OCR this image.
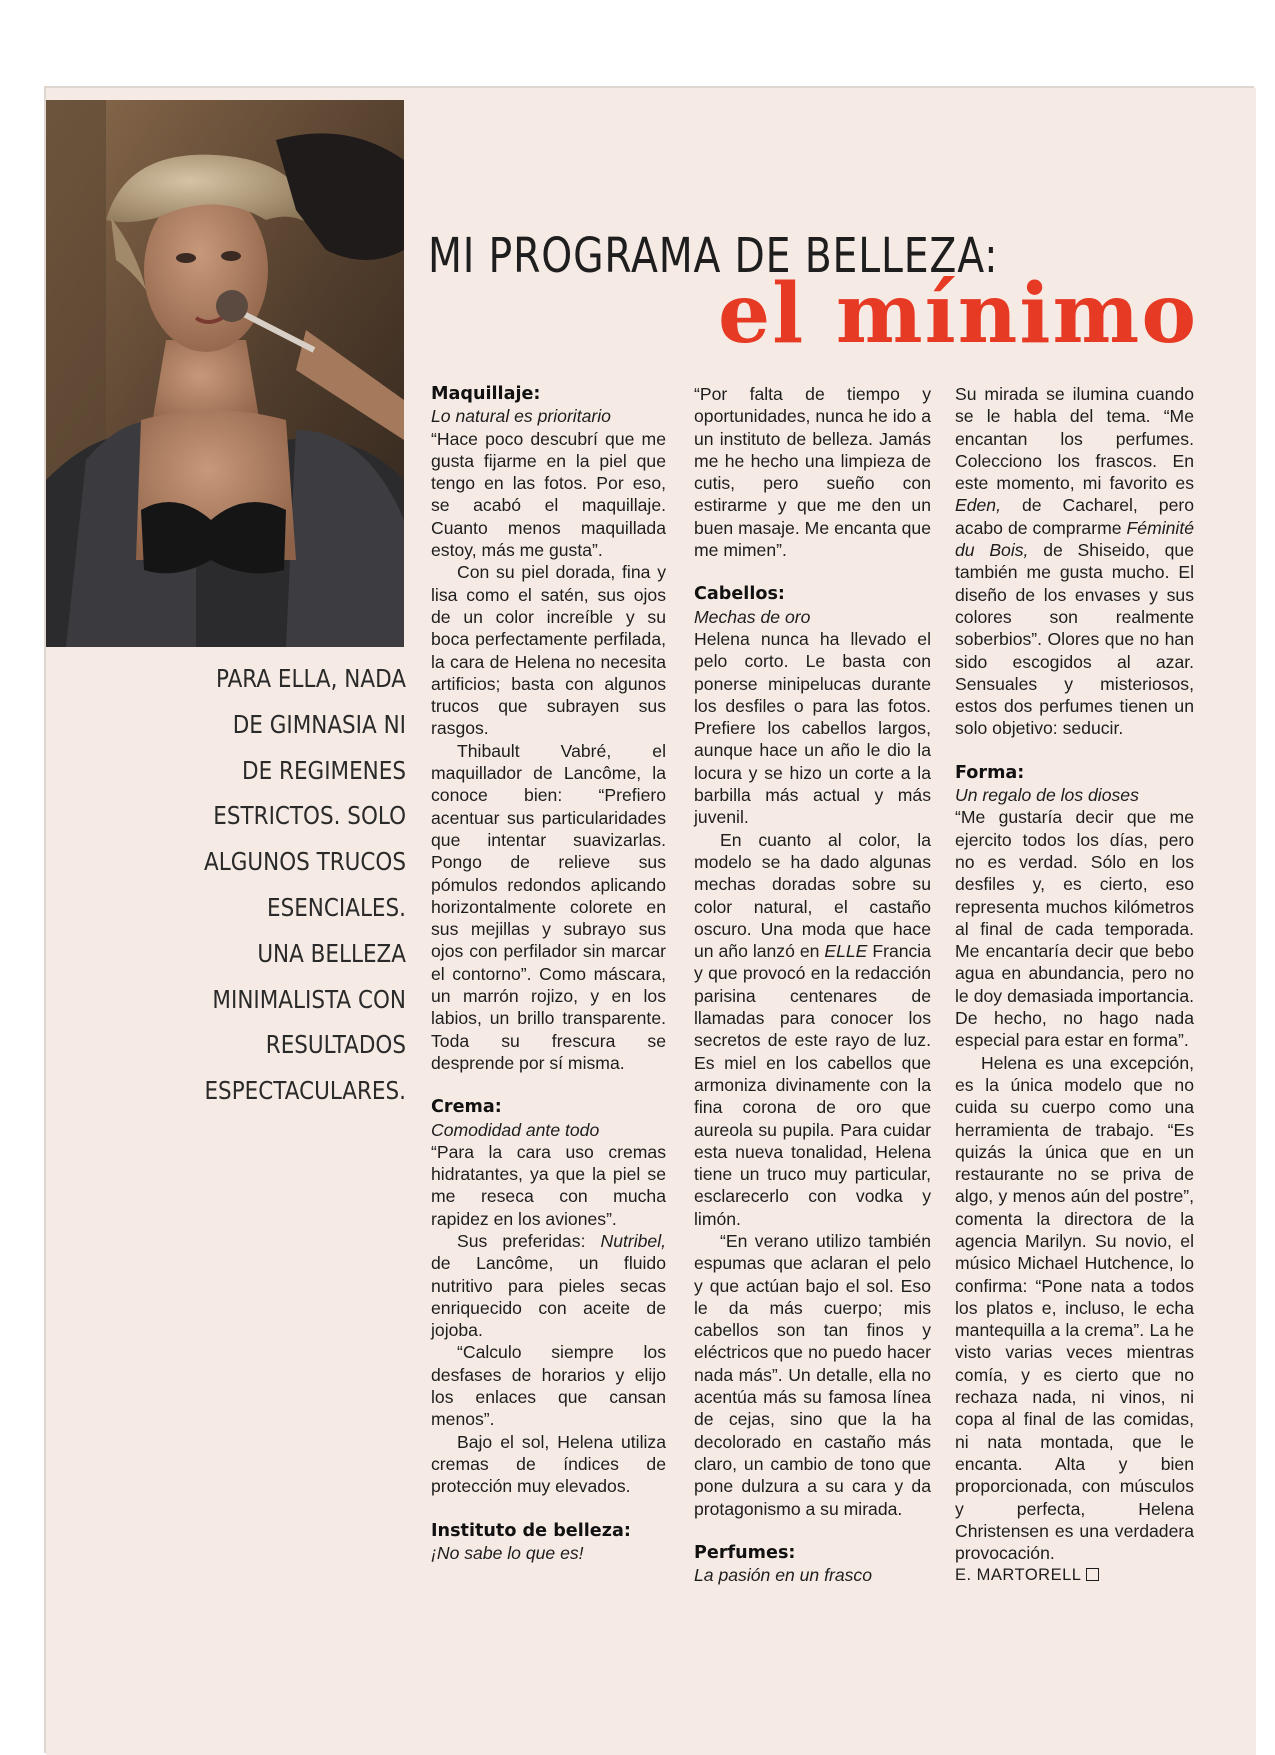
MI PROGRAMA DE BELLEZA:
el mínimo
PARA ELLA, NADA
DE GIMNASIA NI
DE REGIMENES
ESTRICTOS. SOLO
ALGUNOS TRUCOS
ESENCIALES.
UNA BELLEZA
MINIMALISTA CON
RESULTADOS
ESPECTACULARES.
Maquillaje:

Lo natural es prioritario

“Hace poco descubrí que me gusta fijarme en la piel que tengo en las fotos. Por eso, se acabó el maquillaje. Cuanto menos maquillada estoy, más me gusta”.

Con su piel dorada, fina y lisa como el satén, sus ojos de un color increíble y su boca perfectamente perfilada, la cara de Helena no necesita artificios; basta con algunos trucos que subrayen sus rasgos.

Thibault Vabré, el maquillador de Lancôme, la conoce bien: “Prefiero acentuar sus particularidades que intentar suavizarlas. Pongo de relieve sus pómulos redondos aplicando horizontalmente colorete en sus mejillas y subrayo sus ojos con perfilador sin marcar el contorno”. Como máscara, un marrón rojizo, y en los labios, un brillo transparente. Toda su frescura se desprende por sí misma.

Crema:

Comodidad ante todo

“Para la cara uso cremas hidratantes, ya que la piel se me reseca con mucha rapidez en los aviones”.

Sus preferidas: Nutribel, de Lancôme, un fluido nutritivo para pieles secas enriquecido con aceite de jojoba.

“Calculo siempre los desfases de horarios y elijo los enlaces que cansan menos”.

Bajo el sol, Helena utiliza cremas de índices de protección muy elevados.

Instituto de belleza:

¡No sabe lo que es!

“Por falta de tiempo y oportunidades, nunca he ido a un instituto de belleza. Jamás me he hecho una limpieza de cutis, pero sueño con estirarme y que me den un buen masaje. Me encanta que me mimen”.

Cabellos:

Mechas de oro

Helena nunca ha llevado el pelo corto. Le basta con ponerse minipelucas durante los desfiles o para las fotos. Prefiere los cabellos largos, aunque hace un año le dio la locura y se hizo un corte a la barbilla más actual y más juvenil.

En cuanto al color, la modelo se ha dado algunas mechas doradas sobre su color natural, el castaño oscuro. Una moda que hace un año lanzó en ELLE Francia y que provocó en la redacción parisina centenares de llamadas para conocer los secretos de este rayo de luz. Es miel en los cabellos que armoniza divinamente con la fina corona de oro que aureola su pupila. Para cuidar esta nueva tonalidad, Helena tiene un truco muy particular, esclarecerlo con vodka y limón.

“En verano utilizo también espumas que aclaran el pelo y que actúan bajo el sol. Eso le da más cuerpo; mis cabellos son tan finos y eléctricos que no puedo hacer nada más”. Un detalle, ella no acentúa más su famosa línea de cejas, sino que la ha decolorado en castaño más claro, un cambio de tono que pone dulzura a su cara y da protagonismo a su mirada.

Perfumes:

La pasión en un frasco

Su mirada se ilumina cuando se le habla del tema. “Me encantan los perfumes. Colecciono los frascos. En este momento, mi favorito es Eden, de Cacharel, pero acabo de comprarme Féminité du Bois, de Shiseido, que también me gusta mucho. El diseño de los envases y sus colores son realmente soberbios”. Olores que no han sido escogidos al azar. Sensuales y misteriosos, estos dos perfumes tienen un solo objetivo: seducir.

Forma:

Un regalo de los dioses

“Me gustaría decir que me ejercito todos los días, pero no es verdad. Sólo en los desfiles y, es cierto, eso representa muchos kilómetros al final de cada temporada. Me encantaría decir que bebo agua en abundancia, pero no le doy demasiada importancia. De hecho, no hago nada especial para estar en forma”.

Helena es una excepción, es la única modelo que no cuida su cuerpo como una herramienta de trabajo. “Es quizás la única que en un restaurante no se priva de algo, y menos aún del postre”, comenta la directora de la agencia Marilyn. Su novio, el músico Michael Hutchence, lo confirma: “Pone nata a todos los platos e, incluso, le echa mantequilla a la crema”. La he visto varias veces mientras comía, y es cierto que no rechaza nada, ni vinos, ni copa al final de las comidas, ni nata montada, que le encanta. Alta y bien proporcionada, con músculos y perfecta, Helena Christensen es una verdadera provocación.

E. MARTORELL
